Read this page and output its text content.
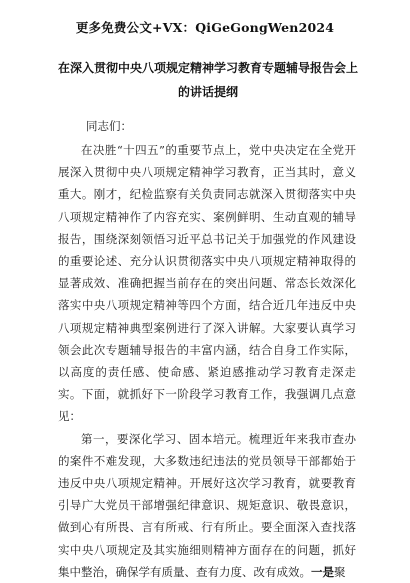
更多免费公文+VX：QiGeGongWen2024
在深入贯彻中央八项规定精神学习教育专题辅导报告会上的讲话提纲
同志们：

在决胜“十四五”的重要节点上，党中央决定在全党开展深入贯彻中央八项规定精神学习教育，正当其时，意义重大。刚才，纪检监察有关负责同志就深入贯彻落实中央八项规定精神作了内容充实、案例鲜明、生动直观的辅导报告，围绕深刻领悟习近平总书记关于加强党的作风建设的重要论述、充分认识贯彻落实中央八项规定精神取得的显著成效、准确把握当前存在的突出问题、常态长效深化落实中央八项规定精神等四个方面，结合近几年违反中央八项规定精神典型案例进行了深入讲解。大家要认真学习领会此次专题辅导报告的丰富内涵，结合自身工作实际，以高度的责任感、使命感、紧迫感推动学习教育走深走实。下面，就抓好下一阶段学习教育工作，我强调几点意见：

第一，要深化学习、固本培元。梳理近年来我市查办的案件不难发现，大多数违纪违法的党员领导干部都始于违反中央八项规定精神。开展好这次学习教育，就要教育引导广大党员干部增强纪律意识、规矩意识、敬畏意识，做到心有所畏、言有所戒、行有所止。要全面深入查找落实中央八项规定及其实施细则精神方面存在的问题，抓好集中整治，确保学有质量、查有力度、改有成效。一是聚
